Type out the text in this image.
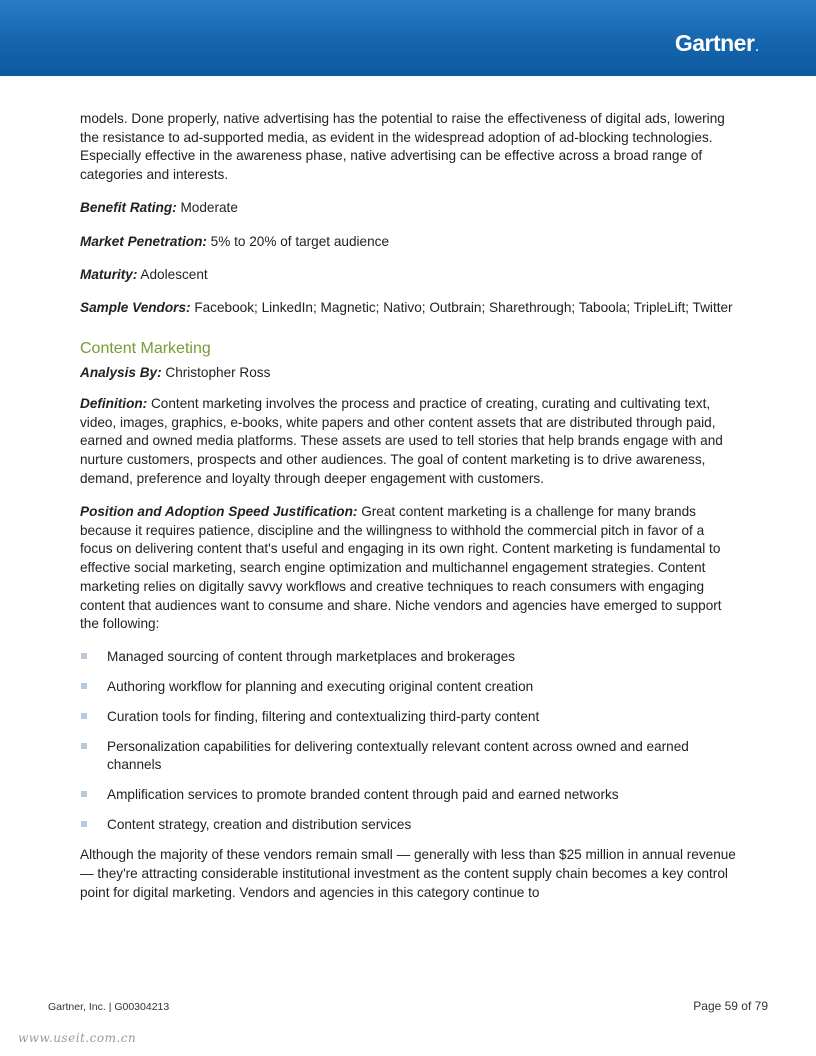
Gartner.

models. Done properly, native advertising has the potential to raise the effectiveness of digital ads, lowering the resistance to ad-supported media, as evident in the widespread adoption of ad-blocking technologies. Especially effective in the awareness phase, native advertising can be effective across a broad range of categories and interests.

Benefit Rating: Moderate

Market Penetration: 5% to 20% of target audience

Maturity: Adolescent

Sample Vendors: Facebook; LinkedIn; Magnetic; Nativo; Outbrain; Sharethrough; Taboola; TripleLift; Twitter

Content Marketing

Analysis By: Christopher Ross

Definition: Content marketing involves the process and practice of creating, curating and cultivating text, video, images, graphics, e-books, white papers and other content assets that are distributed through paid, earned and owned media platforms. These assets are used to tell stories that help brands engage with and nurture customers, prospects and other audiences. The goal of content marketing is to drive awareness, demand, preference and loyalty through deeper engagement with customers.

Position and Adoption Speed Justification: Great content marketing is a challenge for many brands because it requires patience, discipline and the willingness to withhold the commercial pitch in favor of a focus on delivering content that's useful and engaging in its own right. Content marketing is fundamental to effective social marketing, search engine optimization and multichannel engagement strategies. Content marketing relies on digitally savvy workflows and creative techniques to reach consumers with engaging content that audiences want to consume and share. Niche vendors and agencies have emerged to support the following:

Managed sourcing of content through marketplaces and brokerages
Authoring workflow for planning and executing original content creation
Curation tools for finding, filtering and contextualizing third-party content
Personalization capabilities for delivering contextually relevant content across owned and earned channels
Amplification services to promote branded content through paid and earned networks
Content strategy, creation and distribution services

Although the majority of these vendors remain small — generally with less than $25 million in annual revenue — they're attracting considerable institutional investment as the content supply chain becomes a key control point for digital marketing. Vendors and agencies in this category continue to

Gartner, Inc. | G00304213	Page 59 of 79
www.useit.com.cn
